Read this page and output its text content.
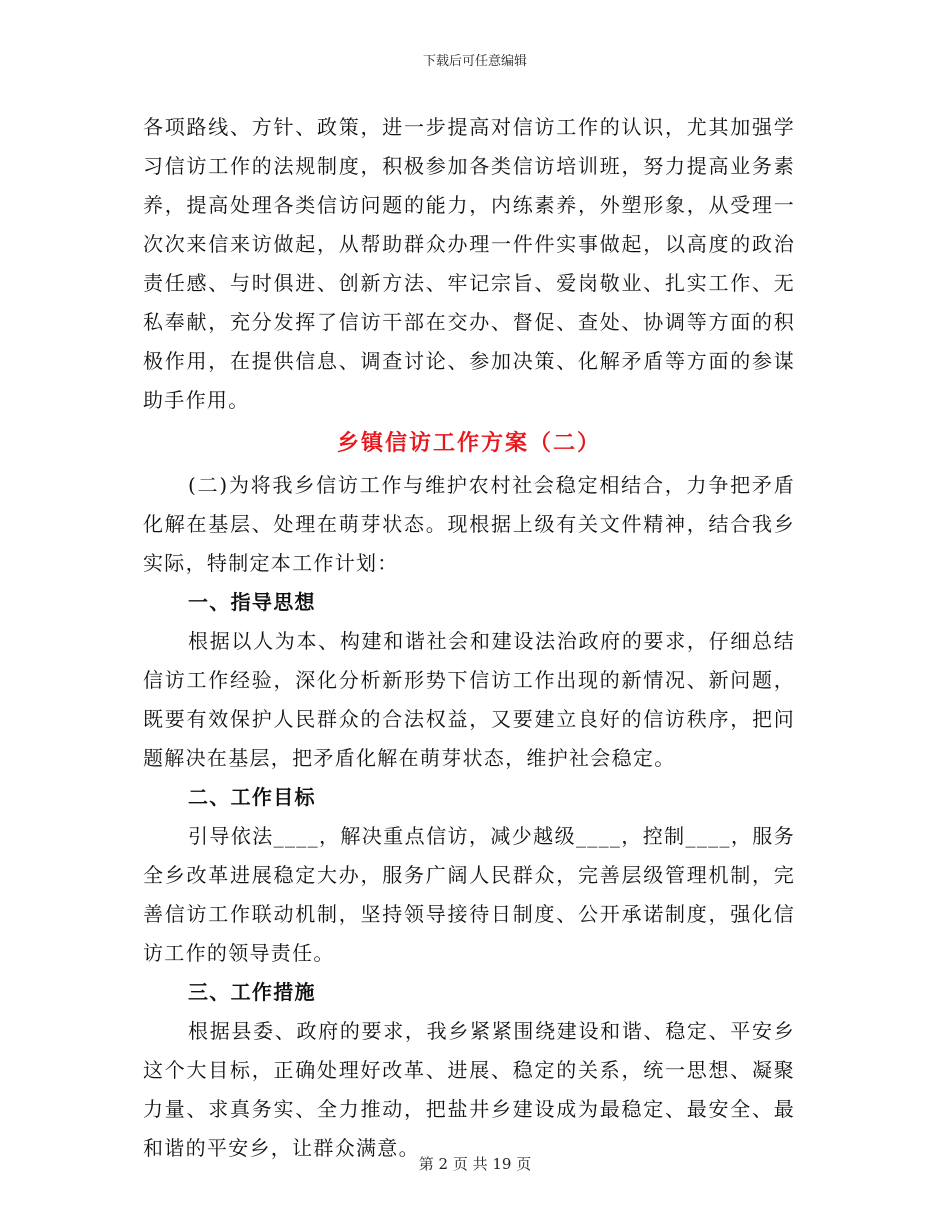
下载后可任意编辑

各项路线、方针、政策，进一步提高对信访工作的认识，尤其加强学习信访工作的法规制度，积极参加各类信访培训班，努力提高业务素养，提高处理各类信访问题的能力，内练素养，外塑形象，从受理一次次来信来访做起，从帮助群众办理一件件实事做起，以高度的政治责任感、与时俱进、创新方法、牢记宗旨、爱岗敬业、扎实工作、无私奉献，充分发挥了信访干部在交办、督促、查处、协调等方面的积极作用，在提供信息、调查讨论、参加决策、化解矛盾等方面的参谋助手作用。

乡镇信访工作方案（二）

(二)为将我乡信访工作与维护农村社会稳定相结合，力争把矛盾化解在基层、处理在萌芽状态。现根据上级有关文件精神，结合我乡实际，特制定本工作计划：

一、指导思想

根据以人为本、构建和谐社会和建设法治政府的要求，仔细总结信访工作经验，深化分析新形势下信访工作出现的新情况、新问题，既要有效保护人民群众的合法权益，又要建立良好的信访秩序，把问题解决在基层，把矛盾化解在萌芽状态，维护社会稳定。

二、工作目标

引导依法____，解决重点信访，减少越级____，控制____，服务全乡改革进展稳定大办，服务广阔人民群众，完善层级管理机制，完善信访工作联动机制，坚持领导接待日制度、公开承诺制度，强化信访工作的领导责任。

三、工作措施

根据县委、政府的要求，我乡紧紧围绕建设和谐、稳定、平安乡这个大目标，正确处理好改革、进展、稳定的关系，统一思想、凝聚力量、求真务实、全力推动，把盐井乡建设成为最稳定、最安全、最和谐的平安乡，让群众满意。

第 2 页 共 19 页
